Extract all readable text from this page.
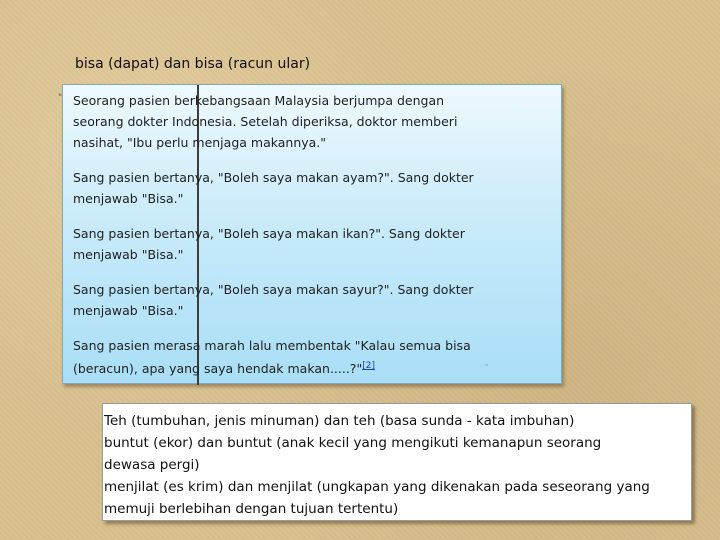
bisa (dapat) dan bisa (racun ular)
" Seorang pasien berkebangsaan Malaysia berjumpa dengan seorang dokter Indonesia. Setelah diperiksa, doktor memberi nasihat, "Ibu perlu menjaga makannya."

Sang pasien bertanya, "Boleh saya makan ayam?". Sang dokter menjawab "Bisa."

Sang pasien bertanya, "Boleh saya makan ikan?". Sang dokter menjawab "Bisa."

Sang pasien bertanya, "Boleh saya makan sayur?". Sang dokter menjawab "Bisa."

Sang pasien merasa marah lalu membentak "Kalau semua bisa (beracun), apa yang saya hendak makan.....?"[2]	"
Teh (tumbuhan, jenis minuman) dan teh (basa sunda - kata imbuhan)
buntut (ekor) dan buntut (anak kecil yang mengikuti kemanapun seorang
dewasa pergi)
menjilat (es krim) dan menjilat (ungkapan yang dikenakan pada seseorang yang
memuji berlebihan dengan tujuan tertentu)
